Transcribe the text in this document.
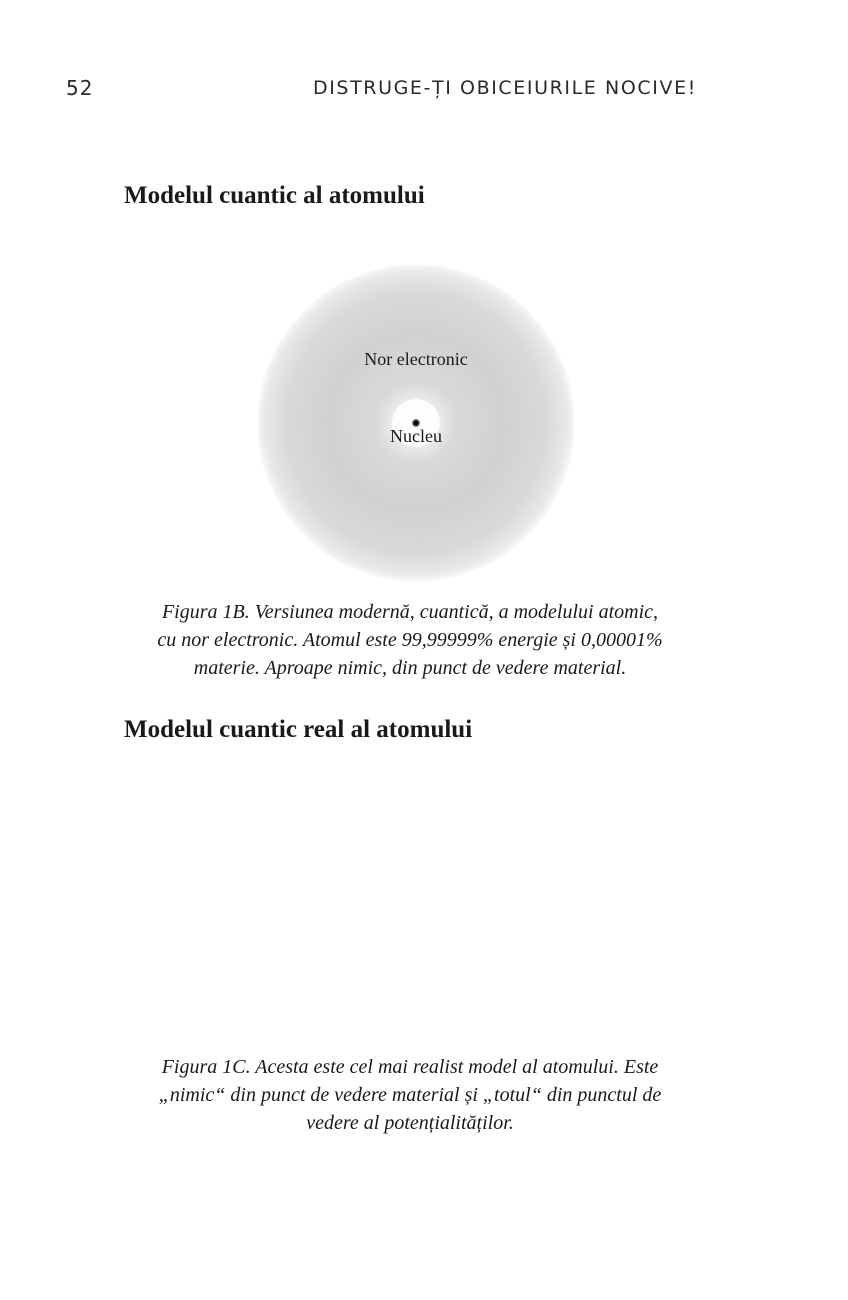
52	DISTRUGE-ȚI OBICEIURILE NOCIVE!
Modelul cuantic al atomului
Nor electronic
Nucleu
Figura 1B. Versiunea modernă, cuantică, a modelului atomic,
cu nor electronic. Atomul este 99,99999% energie și 0,00001%
materie. Aproape nimic, din punct de vedere material.
Modelul cuantic real al atomului
Figura 1C. Acesta este cel mai realist model al atomului. Este
„nimic“ din punct de vedere material și „totul“ din punctul de
vedere al potențialităților.
